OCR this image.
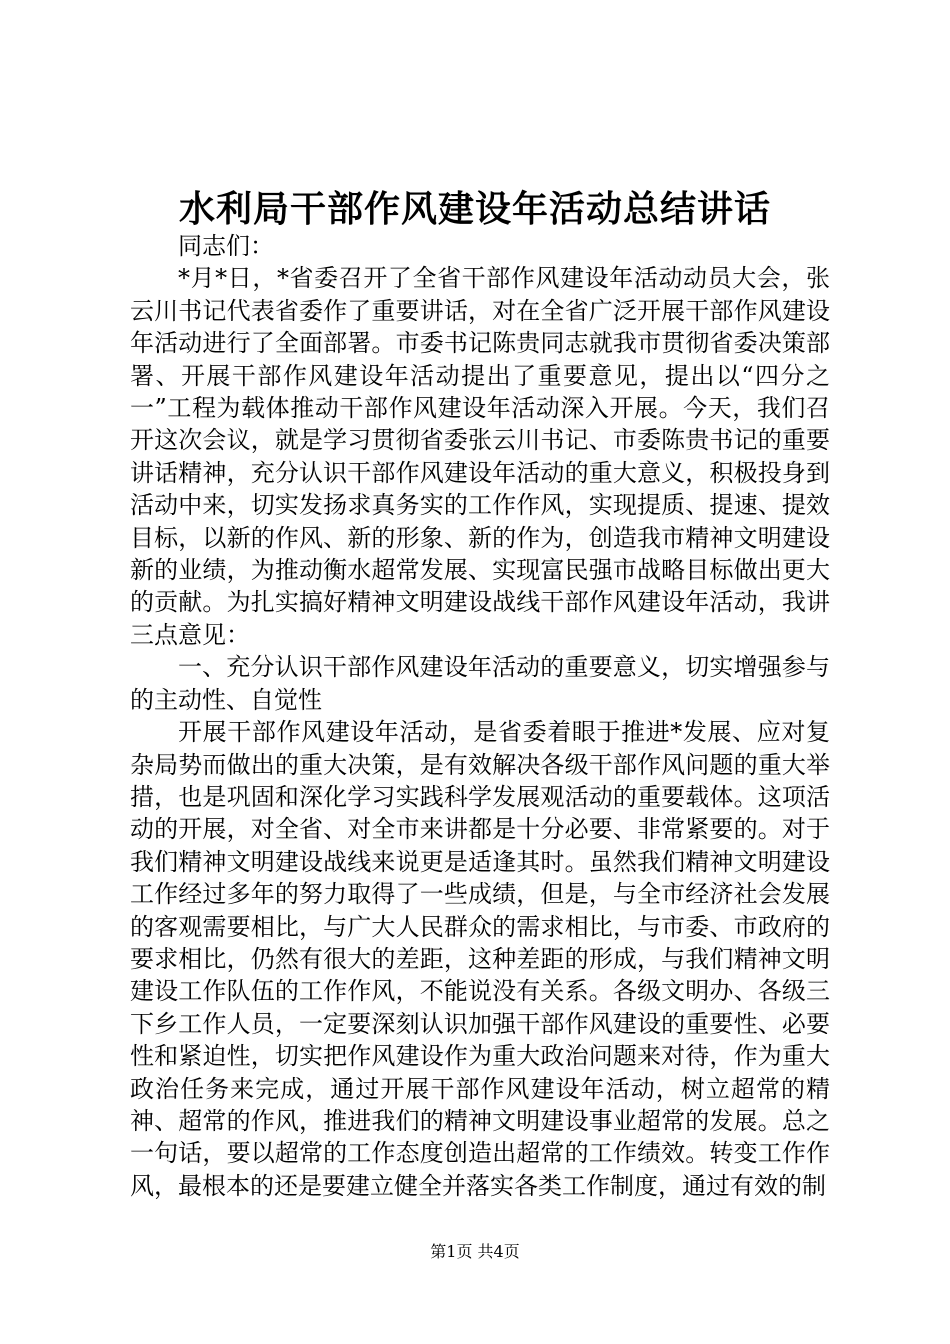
水利局干部作风建设年活动总结讲话

同志们：

*月*日，*省委召开了全省干部作风建设年活动动员大会，张云川书记代表省委作了重要讲话，对在全省广泛开展干部作风建设年活动进行了全面部署。市委书记陈贵同志就我市贯彻省委决策部署、开展干部作风建设年活动提出了重要意见，提出以“四分之一”工程为载体推动干部作风建设年活动深入开展。今天，我们召开这次会议，就是学习贯彻省委张云川书记、市委陈贵书记的重要讲话精神，充分认识干部作风建设年活动的重大意义，积极投身到活动中来，切实发扬求真务实的工作作风，实现提质、提速、提效目标，以新的作风、新的形象、新的作为，创造我市精神文明建设新的业绩，为推动衡水超常发展、实现富民强市战略目标做出更大的贡献。为扎实搞好精神文明建设战线干部作风建设年活动，我讲三点意见：

一、充分认识干部作风建设年活动的重要意义，切实增强参与的主动性、自觉性

开展干部作风建设年活动，是省委着眼于推进*发展、应对复杂局势而做出的重大决策，是有效解决各级干部作风问题的重大举措，也是巩固和深化学习实践科学发展观活动的重要载体。这项活动的开展，对全省、对全市来讲都是十分必要、非常紧要的。对于我们精神文明建设战线来说更是适逢其时。虽然我们精神文明建设工作经过多年的努力取得了一些成绩，但是，与全市经济社会发展的客观需要相比，与广大人民群众的需求相比，与市委、市政府的要求相比，仍然有很大的差距，这种差距的形成，与我们精神文明建设工作队伍的工作作风，不能说没有关系。各级文明办、各级三下乡工作人员，一定要深刻认识加强干部作风建设的重要性、必要性和紧迫性，切实把作风建设作为重大政治问题来对待，作为重大政治任务来完成，通过开展干部作风建设年活动，树立超常的精神、超常的作风，推进我们的精神文明建设事业超常的发展。总之一句话，要以超常的工作态度创造出超常的工作绩效。转变工作作风，最根本的还是要建立健全并落实各类工作制度，通过有效的制

第1页 共4页
